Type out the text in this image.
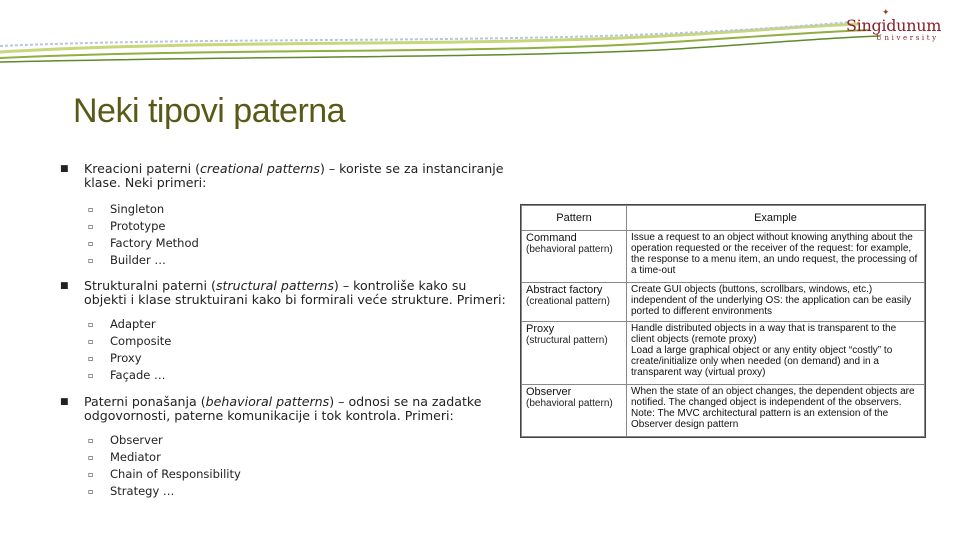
✦
Singidunum
University
Neki tipovi paterna
■ Kreacioni paterni (creational patterns) – koriste se za instanciranje klase. Neki primeri:
▫ Singleton
▫ Prototype
▫ Factory Method
▫ Builder …
■ Strukturalni paterni (structural patterns) – kontroliše kako su objekti i klase struktuirani kako bi formirali veće strukture. Primeri:
▫ Adapter
▫ Composite
▫ Proxy
▫ Façade …
■ Paterni ponašanja (behavioral patterns) – odnosi se na zadatke odgovornosti, paterne komunikacije i tok kontrola. Primeri:
▫ Observer
▫ Mediator
▫ Chain of Responsibility
▫ Strategy …
Pattern	Example

Command
(behavioral pattern)	Issue a request to an object without knowing anything about the operation requested or the receiver of the request: for example, the response to a menu item, an undo request, the processing of a time-out

Abstract factory
(creational pattern)	Create GUI objects (buttons, scrollbars, windows, etc.) independent of the underlying OS: the application can be easily ported to different environments

Proxy
(structural pattern)	Handle distributed objects in a way that is transparent to the client objects (remote proxy)
Load a large graphical object or any entity object “costly” to create/initialize only when needed (on demand) and in a transparent way (virtual proxy)

Observer
(behavioral pattern)	When the state of an object changes, the dependent objects are notified. The changed object is independent of the observers.
Note: The MVC architectural pattern is an extension of the Observer design pattern
